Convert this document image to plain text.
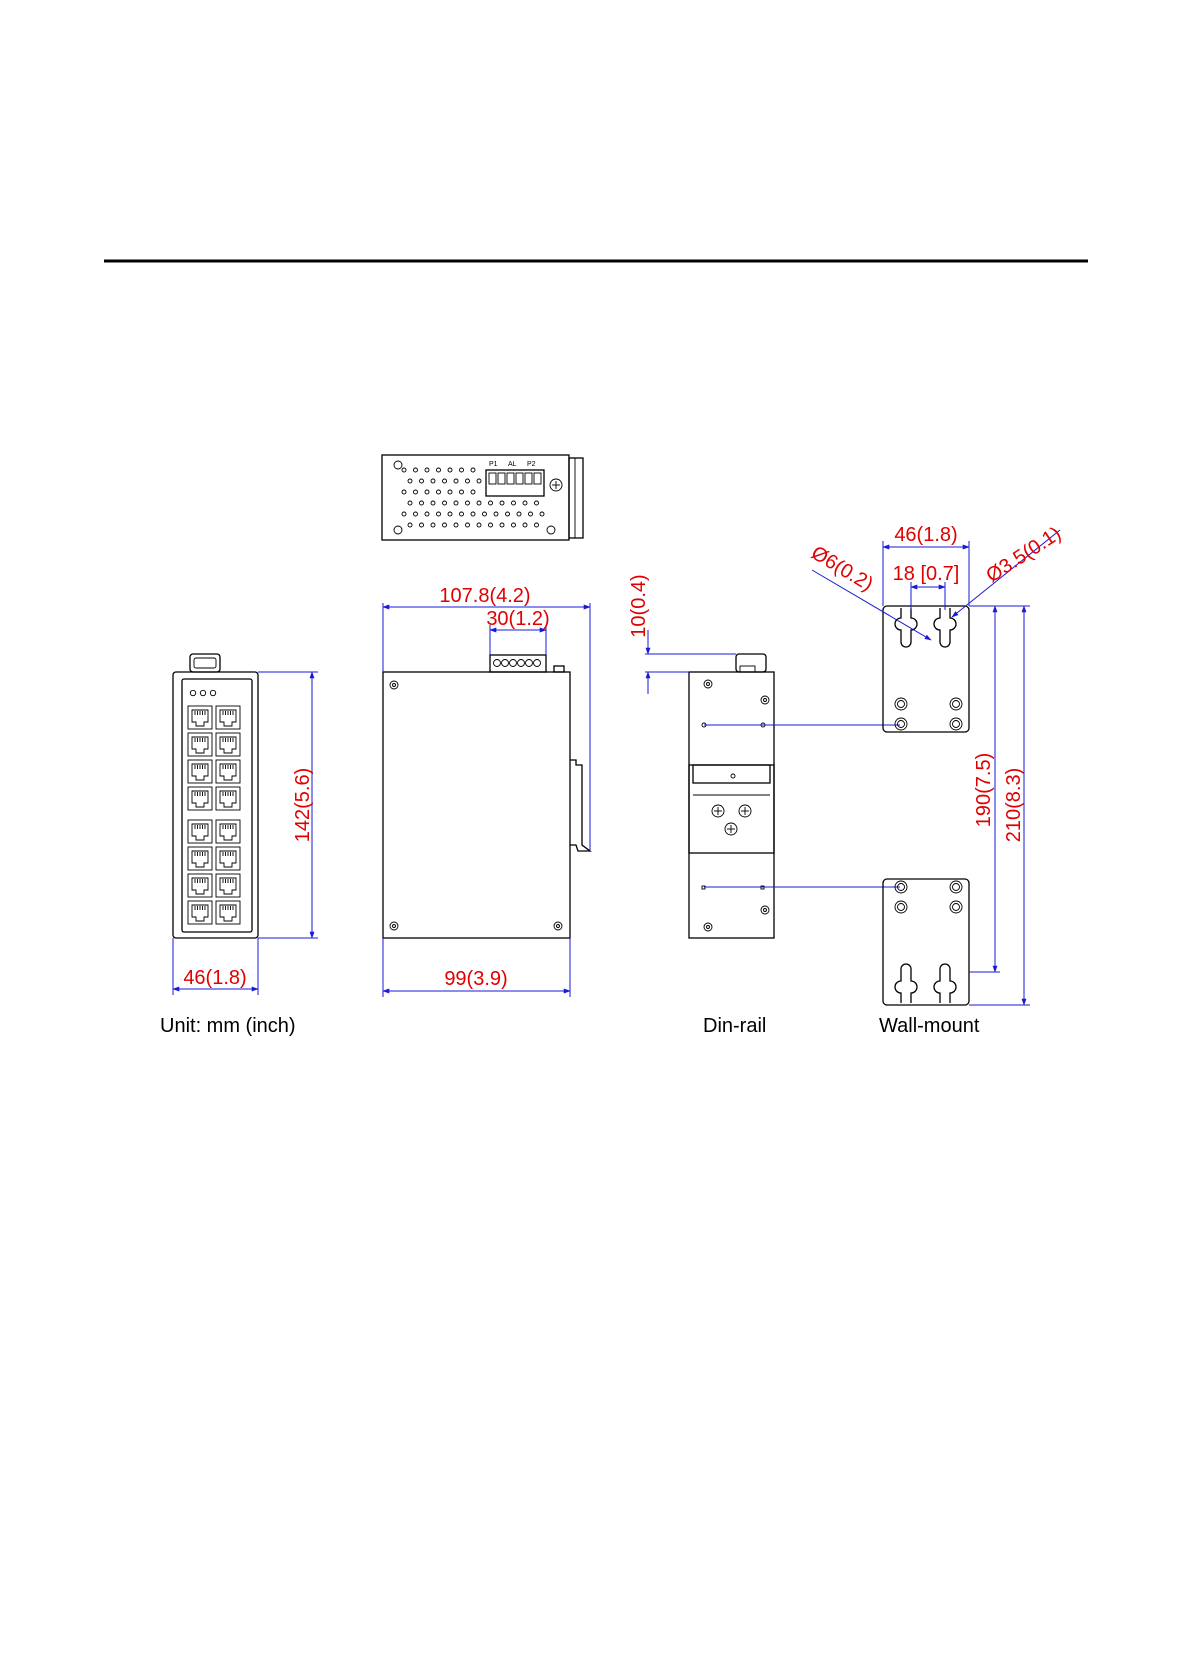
P1 AL P2
142(5.6)
46(1.8)
107.8(4.2)
30(1.2)
99(3.9)
10(0.4)
46(1.8)
18 [0.7]
Ø6(0.2)	Ø3.5(0.1)
190(7.5) 210(8.3)
Unit: mm (inch)	Din-rail	Wall-mount
